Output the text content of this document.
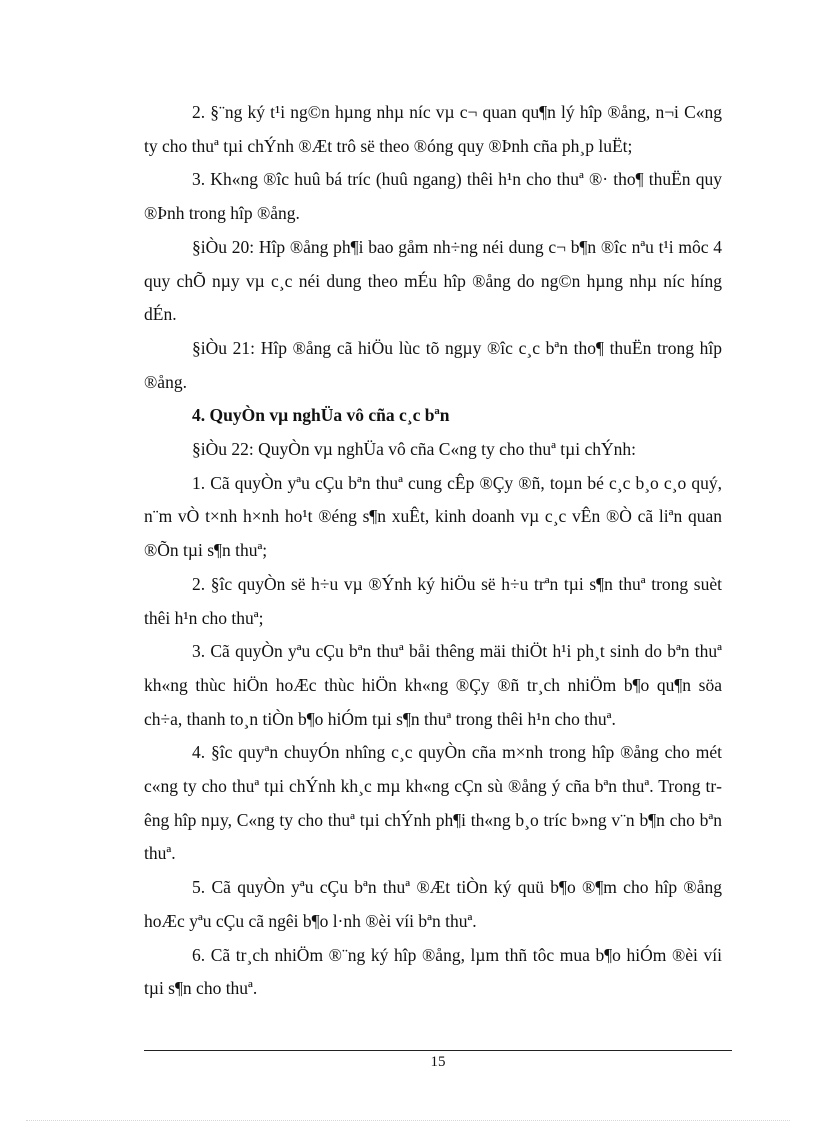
2. §¨ng ký t¹i ng©n hµng nhµ níc vµ c¬ quan qu¶n lý hîp ®ång, n¬i C«ng ty cho thuª tµi chÝnh ®Æt trô së theo ®óng quy ®Þnh cña ph¸p luËt;

3. Kh«ng ®îc huû bá tríc (huû ngang) thêi h¹n cho thuª ®· tho¶ thuËn quy ®Þnh trong hîp ®ång.

§iÒu 20: Hîp ®ång ph¶i bao gåm nh÷ng néi dung c¬ b¶n ®îc nªu t¹i môc 4 quy chÕ nµy vµ c¸c néi dung theo mÉu hîp ®ång do ng©n hµng nhµ níc híng dÉn.

§iÒu 21: Hîp ®ång cã hiÖu lùc tõ ngµy ®îc c¸c bªn tho¶ thuËn trong hîp ®ång.

4. QuyÒn vµ nghÜa vô cña c¸c bªn

§iÒu 22: QuyÒn vµ nghÜa vô cña C«ng ty cho thuª tµi chÝnh:

1. Cã quyÒn yªu cÇu bªn thuª cung cÊp ®Çy ®ñ, toµn bé c¸c b¸o c¸o quý, n¨m vÒ t×nh h×nh ho¹t ®éng s¶n xuÊt, kinh doanh vµ c¸c vÊn ®Ò cã liªn quan ®Õn tµi s¶n thuª;

2. §îc quyÒn së h÷u vµ ®Ýnh ký hiÖu së h÷u trªn tµi s¶n thuª trong suèt thêi h¹n cho thuª;

3. Cã quyÒn yªu cÇu bªn thuª båi thêng mäi thiÖt h¹i ph¸t sinh do bªn thuª kh«ng thùc hiÖn hoÆc thùc hiÖn kh«ng ®Çy ®ñ tr¸ch nhiÖm b¶o qu¶n söa ch÷a, thanh to¸n tiÒn b¶o hiÓm tµi s¶n thuª trong thêi h¹n cho thuª.

4. §îc quyªn chuyÓn nhîng c¸c quyÒn cña m×nh trong hîp ®ång cho mét c«ng ty cho thuª tµi chÝnh kh¸c mµ kh«ng cÇn sù ®ång ý cña bªn thuª. Trong trêng hîp nµy, C«ng ty cho thuª tµi chÝnh ph¶i th«ng b¸o tríc b»ng v¨n b¶n cho bªn thuª.

5. Cã quyÒn yªu cÇu bªn thuª ®Æt tiÒn ký quü b¶o ®¶m cho hîp ®ång hoÆc yªu cÇu cã ngêi b¶o l·nh ®èi víi bªn thuª.

6. Cã tr¸ch nhiÖm ®¨ng ký hîp ®ång, lµm thñ tôc mua b¶o hiÓm ®èi víi tµi s¶n cho thuª.

15
